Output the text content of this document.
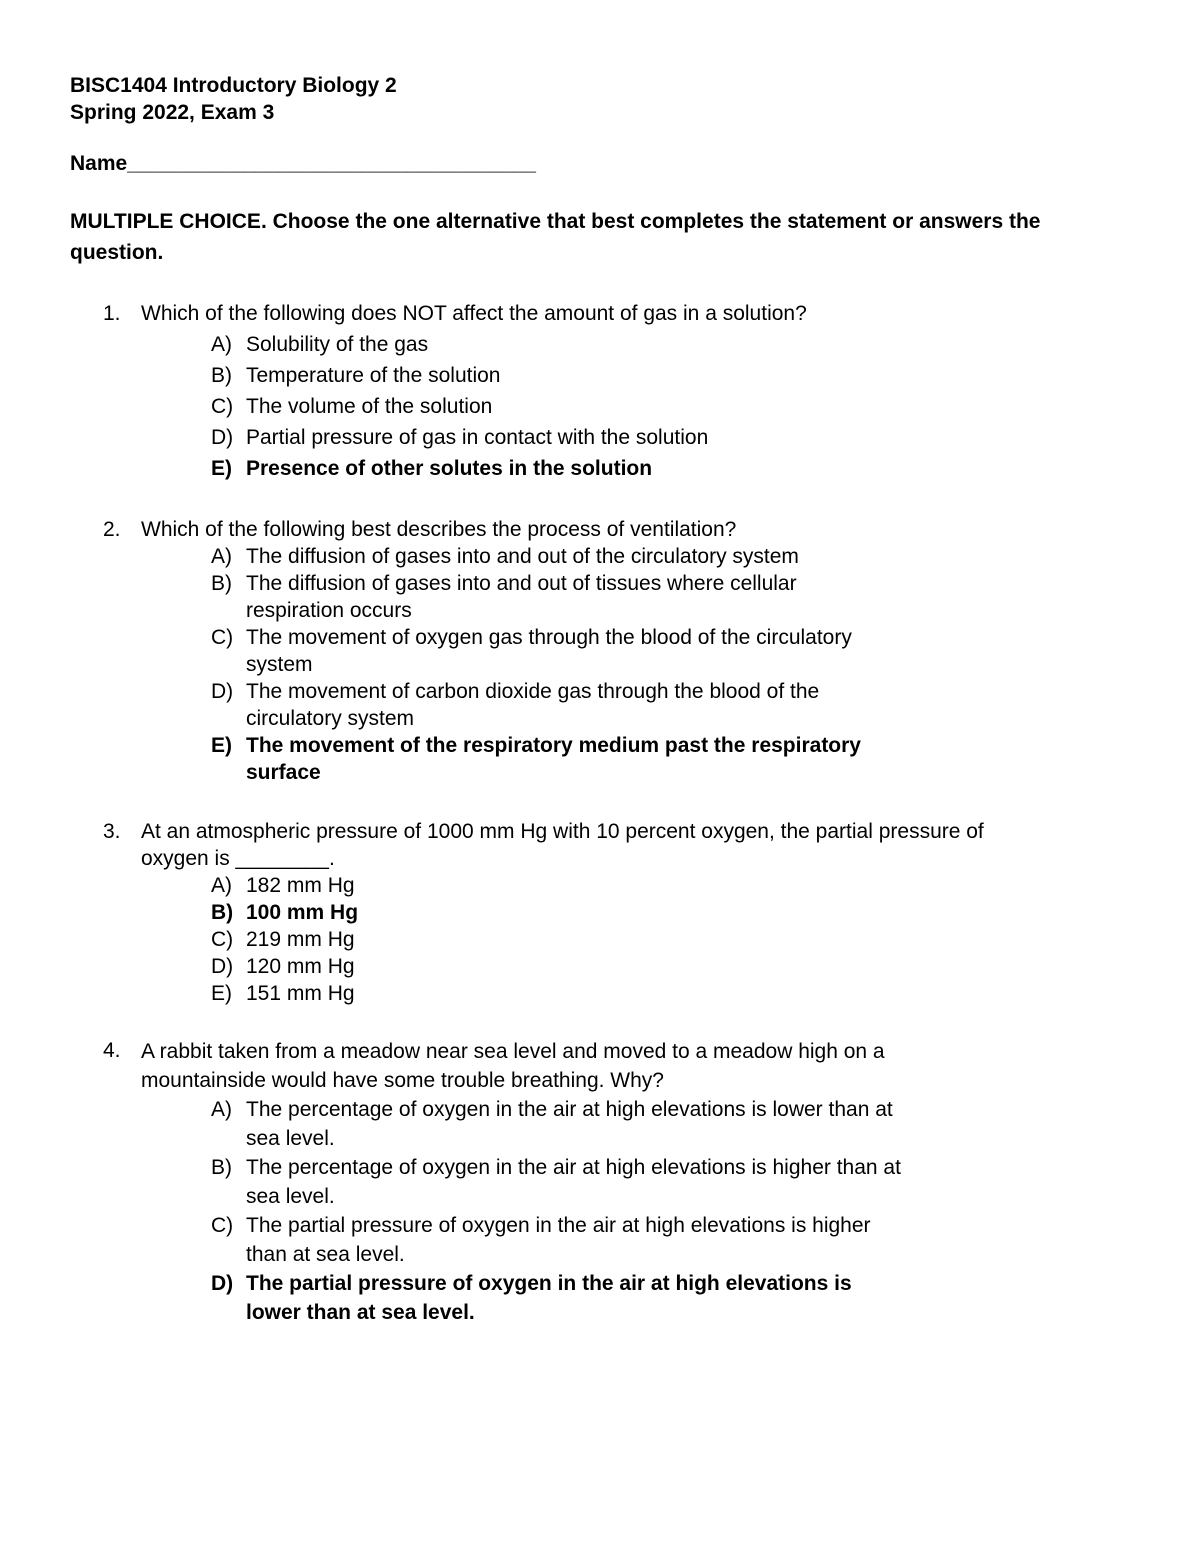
BISC1404 Introductory Biology 2
Spring 2022, Exam 3
Name___________________________________
MULTIPLE CHOICE. Choose the one alternative that best completes the statement or answers the question.
1. Which of the following does NOT affect the amount of gas in a solution?
A) Solubility of the gas
B) Temperature of the solution
C) The volume of the solution
D) Partial pressure of gas in contact with the solution
E) Presence of other solutes in the solution
2. Which of the following best describes the process of ventilation?
A) The diffusion of gases into and out of the circulatory system
B) The diffusion of gases into and out of tissues where cellular
respiration occurs
C) The movement of oxygen gas through the blood of the circulatory
system
D) The movement of carbon dioxide gas through the blood of the
circulatory system
E) The movement of the respiratory medium past the respiratory
surface
3. At an atmospheric pressure of 1000 mm Hg with 10 percent oxygen, the partial pressure of
oxygen is ________.
A) 182 mm Hg
B) 100 mm Hg
C) 219 mm Hg
D) 120 mm Hg
E) 151 mm Hg
4. A rabbit taken from a meadow near sea level and moved to a meadow high on a
mountainside would have some trouble breathing. Why?
A) The percentage of oxygen in the air at high elevations is lower than at
sea level.
B) The percentage of oxygen in the air at high elevations is higher than at
sea level.
C) The partial pressure of oxygen in the air at high elevations is higher
than at sea level.
D) The partial pressure of oxygen in the air at high elevations is
lower than at sea level.
